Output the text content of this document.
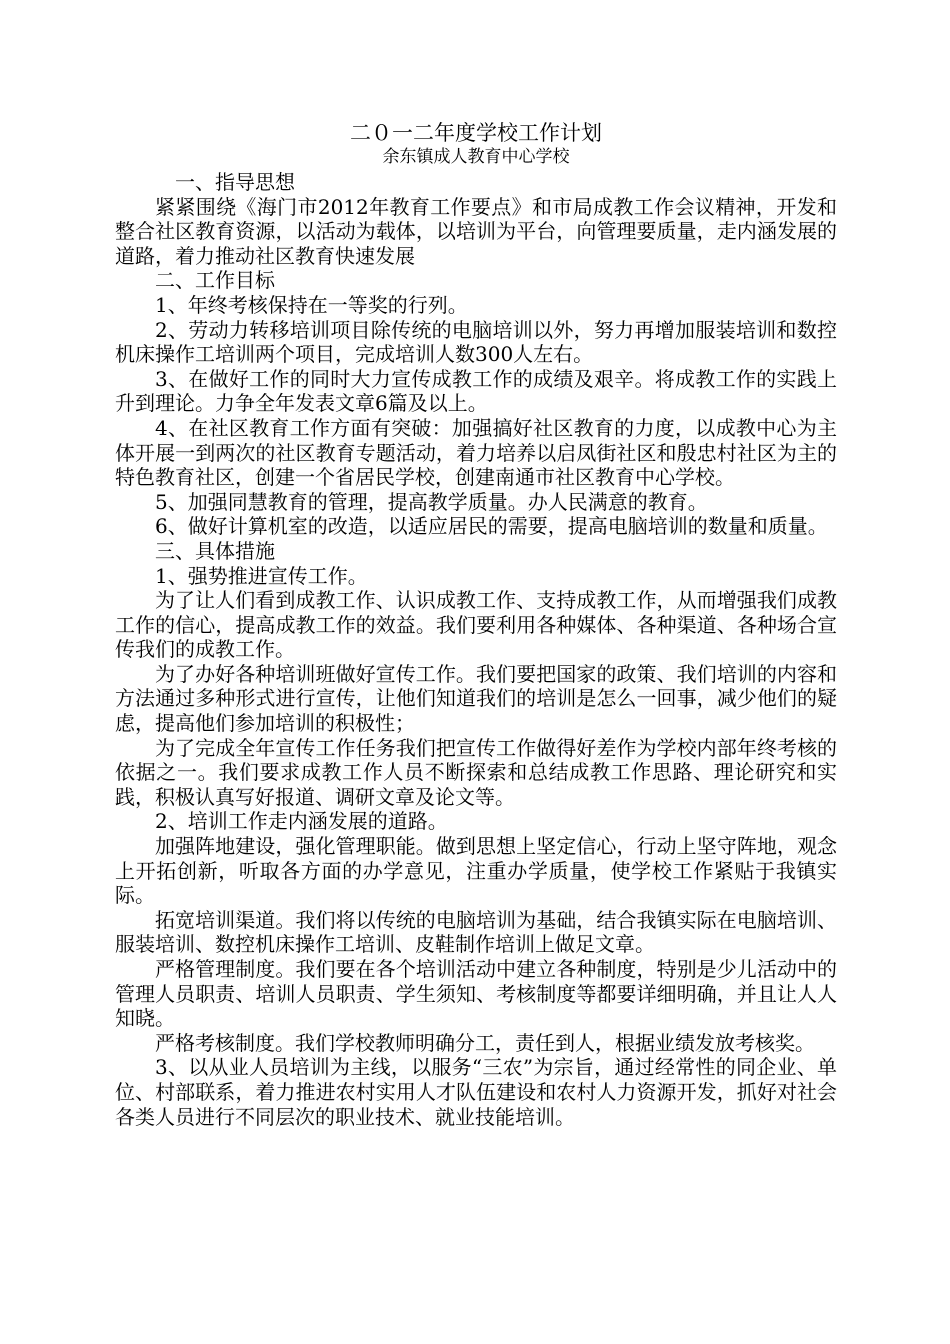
二０一二年度学校工作计划
余东镇成人教育中心学校

一、指导思想

紧紧围绕《海门市2012年教育工作要点》和市局成教工作会议精神，开发和整合社区教育资源，以活动为载体，以培训为平台，向管理要质量，走内涵发展的道路，着力推动社区教育快速发展

二、工作目标

1、年终考核保持在一等奖的行列。

2、劳动力转移培训项目除传统的电脑培训以外，努力再增加服装培训和数控机床操作工培训两个项目，完成培训人数300人左右。

3、在做好工作的同时大力宣传成教工作的成绩及艰辛。将成教工作的实践上升到理论。力争全年发表文章6篇及以上。

4、在社区教育工作方面有突破：加强搞好社区教育的力度，以成教中心为主体开展一到两次的社区教育专题活动，着力培养以启凤街社区和殷忠村社区为主的特色教育社区，创建一个省居民学校，创建南通市社区教育中心学校。

5、加强同慧教育的管理，提高教学质量。办人民满意的教育。

6、做好计算机室的改造，以适应居民的需要，提高电脑培训的数量和质量。

三、具体措施

1、强势推进宣传工作。

为了让人们看到成教工作、认识成教工作、支持成教工作，从而增强我们成教工作的信心，提高成教工作的效益。我们要利用各种媒体、各种渠道、各种场合宣传我们的成教工作。

为了办好各种培训班做好宣传工作。我们要把国家的政策、我们培训的内容和方法通过多种形式进行宣传，让他们知道我们的培训是怎么一回事，减少他们的疑虑，提高他们参加培训的积极性；

为了完成全年宣传工作任务我们把宣传工作做得好差作为学校内部年终考核的依据之一。我们要求成教工作人员不断探索和总结成教工作思路、理论研究和实践，积极认真写好报道、调研文章及论文等。

2、培训工作走内涵发展的道路。

加强阵地建设，强化管理职能。做到思想上坚定信心，行动上坚守阵地，观念上开拓创新，听取各方面的办学意见，注重办学质量，使学校工作紧贴于我镇实际。

拓宽培训渠道。我们将以传统的电脑培训为基础，结合我镇实际在电脑培训、服装培训、数控机床操作工培训、皮鞋制作培训上做足文章。

严格管理制度。我们要在各个培训活动中建立各种制度，特别是少儿活动中的管理人员职责、培训人员职责、学生须知、考核制度等都要详细明确，并且让人人知晓。

严格考核制度。我们学校教师明确分工，责任到人，根据业绩发放考核奖。

3、以从业人员培训为主线，以服务“三农”为宗旨，通过经常性的同企业、单位、村部联系，着力推进农村实用人才队伍建设和农村人力资源开发，抓好对社会各类人员进行不同层次的职业技术、就业技能培训。
